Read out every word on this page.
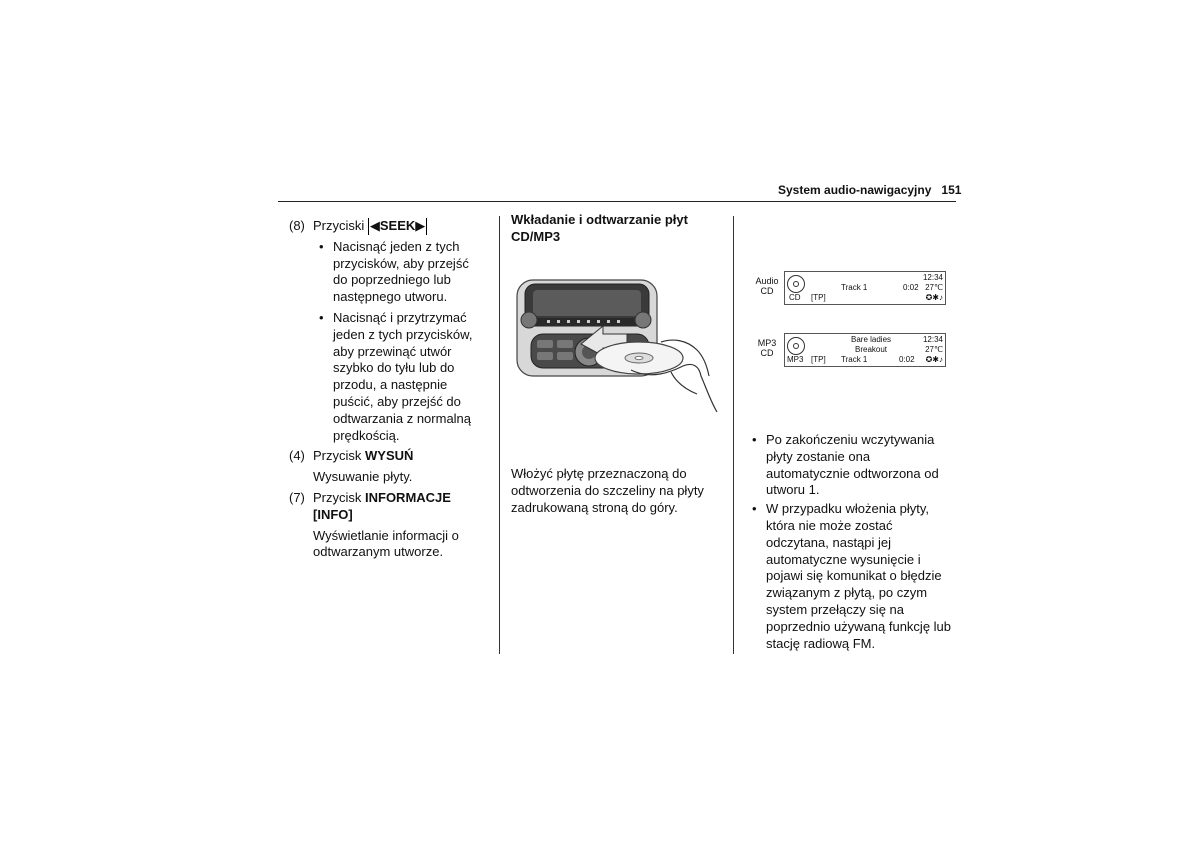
System audio-nawigacyjny 151
(8) Przyciski ◀SEEK▶
• Nacisnąć jeden z tych przycisków, aby przejść do poprzedniego lub następnego utworu.
• Nacisnąć i przytrzymać jeden z tych przycisków, aby przewinąć utwór szybko do tyłu lub do przodu, a następnie puścić, aby przejść do odtwarzania z normalną prędkością.
(4) Przycisk WYSUŃ
Wysuwanie płyty.
(7) Przycisk INFORMACJE [INFO]
Wyświetlanie informacji o odtwarzanym utworze.
Wkładanie i odtwarzanie płyt CD/MP3
Włożyć płytę przeznaczoną do odtworzenia do szczeliny na płyty zadrukowaną stroną do góry.
Audio
CD
12:34
Track 1	0:02 27℃
CD [TP]	✪✱♪
MP3
CD
Bare ladies	12:34
Breakout	27℃
MP3 [TP] Track 1	0:02 ✪✱♪
• Po zakończeniu wczytywania płyty zostanie ona automatycznie odtworzona od utworu 1.
• W przypadku włożenia płyty, która nie może zostać odczytana, nastąpi jej automatyczne wysunięcie i pojawi się komunikat o błędzie związanym z płytą, po czym system przełączy się na poprzednio używaną funkcję lub stację radiową FM.
